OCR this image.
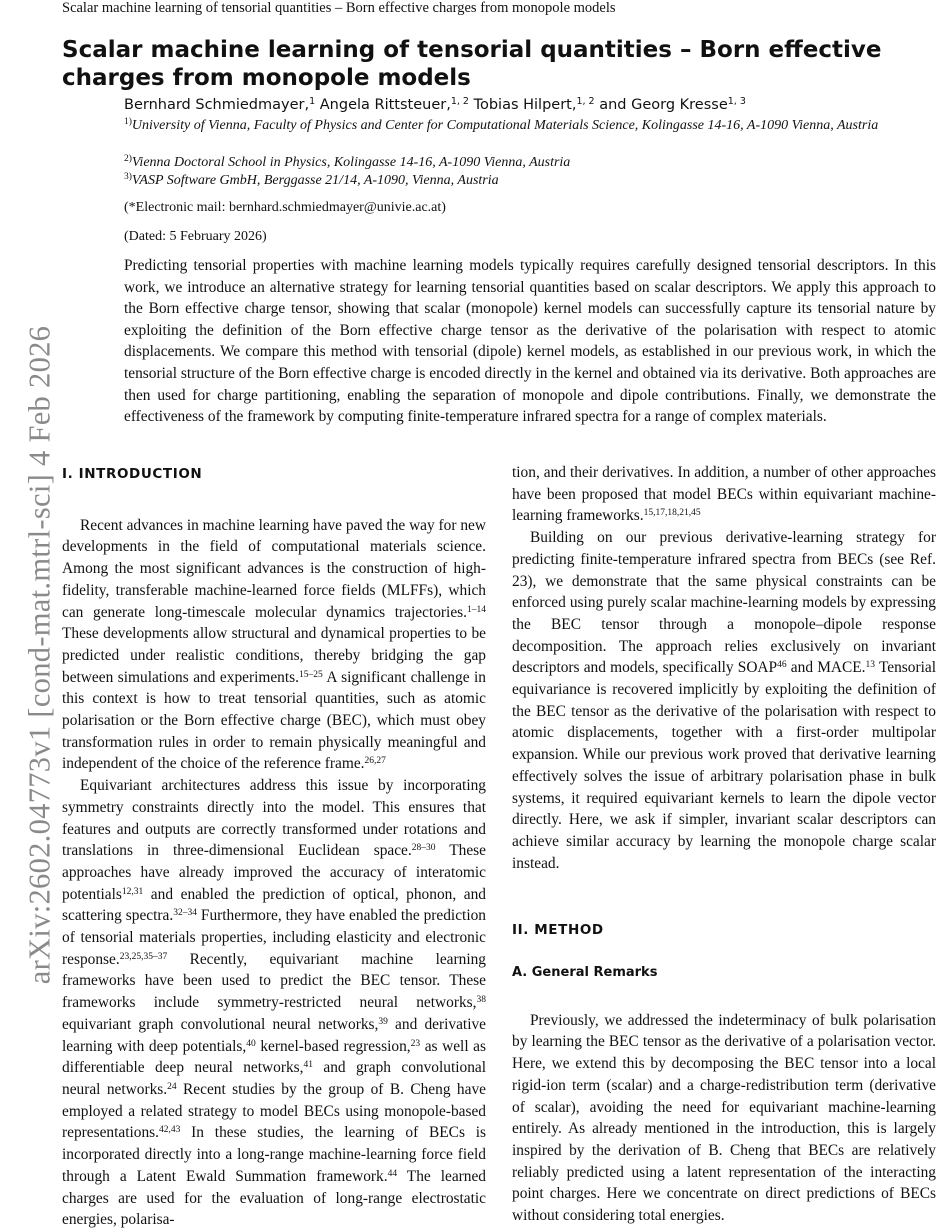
Scalar machine learning of tensorial quantities – Born effective charges from monopole models
arXiv:2602.04773v1 [cond-mat.mtrl-sci] 4 Feb 2026
Scalar machine learning of tensorial quantities – Born effective charges from monopole models
Bernhard Schmiedmayer,$^1$ Angela Rittsteuer,$^{1, 2}$ Tobias Hilpert,$^{1, 2}$ and Georg Kresse$^{1, 3}$
$^{1)}$University of Vienna, Faculty of Physics and Center for Computational Materials Science, Kolingasse 14-16, A-1090 Vienna, Austria
$^{2)}$Vienna Doctoral School in Physics, Kolingasse 14-16, A-1090 Vienna, Austria
$^{3)}$VASP Software GmbH, Berggasse 21/14, A-1090, Vienna, Austria
(*Electronic mail: bernhard.schmiedmayer@univie.ac.at)
(Dated: 5 February 2026)

Predicting tensorial properties with machine learning models typically requires carefully designed tensorial descriptors. In this work, we introduce an alternative strategy for learning tensorial quantities based on scalar descriptors. We apply this approach to the Born effective charge tensor, showing that scalar (monopole) kernel models can successfully capture its tensorial nature by exploiting the definition of the Born effective charge tensor as the derivative of the polarisation with respect to atomic displacements. We compare this method with tensorial (dipole) kernel models, as established in our previous work, in which the tensorial structure of the Born effective charge is encoded directly in the kernel and obtained via its derivative. Both approaches are then used for charge partitioning, enabling the separation of monopole and dipole contributions. Finally, we demonstrate the effectiveness of the framework by computing finite-temperature infrared spectra for a range of complex materials.

I. INTRODUCTION

Recent advances in machine learning have paved the way for new developments in the field of computational materials science. Among the most significant advances is the construction of high-fidelity, transferable machine-learned force fields (MLFFs), which can generate long-timescale molecular dynamics trajectories.$^{1-14}$ These developments allow structural and dynamical properties to be predicted under realistic conditions, thereby bridging the gap between simulations and experiments.$^{15-25}$ A significant challenge in this context is how to treat tensorial quantities, such as atomic polarisation or the Born effective charge (BEC), which must obey transformation rules in order to remain physically meaningful and independent of the choice of the reference frame.$^{26,27}$

Equivariant architectures address this issue by incorporating symmetry constraints directly into the model. This ensures that features and outputs are correctly transformed under rotations and translations in three-dimensional Euclidean space.$^{28-30}$ These approaches have already improved the accuracy of interatomic potentials$^{12,31}$ and enabled the prediction of optical, phonon, and scattering spectra.$^{32-34}$ Furthermore, they have enabled the prediction of tensorial materials properties, including elasticity and electronic response.$^{23,25,35-37}$ Recently, equivariant machine learning frameworks have been used to predict the BEC tensor. These frameworks include symmetry-restricted neural networks,$^{38}$ equivariant graph convolutional neural networks,$^{39}$ and derivative learning with deep potentials,$^{40}$ kernel-based regression,$^{23}$ as well as differentiable deep neural networks,$^{41}$ and graph convolutional neural networks.$^{24}$ Recent studies by the group of B. Cheng have employed a related strategy to model BECs using monopole-based representations.$^{42,43}$ In these studies, the learning of BECs is incorporated directly into a long-range machine-learning force field through a Latent Ewald Summation framework.$^{44}$ The learned charges are used for the evaluation of long-range electrostatic energies, polarisa-

tion, and their derivatives. In addition, a number of other approaches have been proposed that model BECs within equivariant machine-learning frameworks.$^{15,17,18,21,45}$

Building on our previous derivative-learning strategy for predicting finite-temperature infrared spectra from BECs (see Ref. 23), we demonstrate that the same physical constraints can be enforced using purely scalar machine-learning models by expressing the BEC tensor through a monopole–dipole response decomposition. The approach relies exclusively on invariant descriptors and models, specifically SOAP$^{46}$ and MACE.$^{13}$ Tensorial equivariance is recovered implicitly by exploiting the definition of the BEC tensor as the derivative of the polarisation with respect to atomic displacements, together with a first-order multipolar expansion. While our previous work proved that derivative learning effectively solves the issue of arbitrary polarisation phase in bulk systems, it required equivariant kernels to learn the dipole vector directly. Here, we ask if simpler, invariant scalar descriptors can achieve similar accuracy by learning the monopole charge scalar instead.

II. METHOD
A. General Remarks

Previously, we addressed the indeterminacy of bulk polarisation by learning the BEC tensor as the derivative of a polarisation vector. Here, we extend this by decomposing the BEC tensor into a local rigid-ion term (scalar) and a charge-redistribution term (derivative of scalar), avoiding the need for equivariant machine-learning entirely. As already mentioned in the introduction, this is largely inspired by the derivation of B. Cheng that BECs are relatively reliably predicted using a latent representation of the interacting point charges. Here we concentrate on direct predictions of BECs without considering total energies.
